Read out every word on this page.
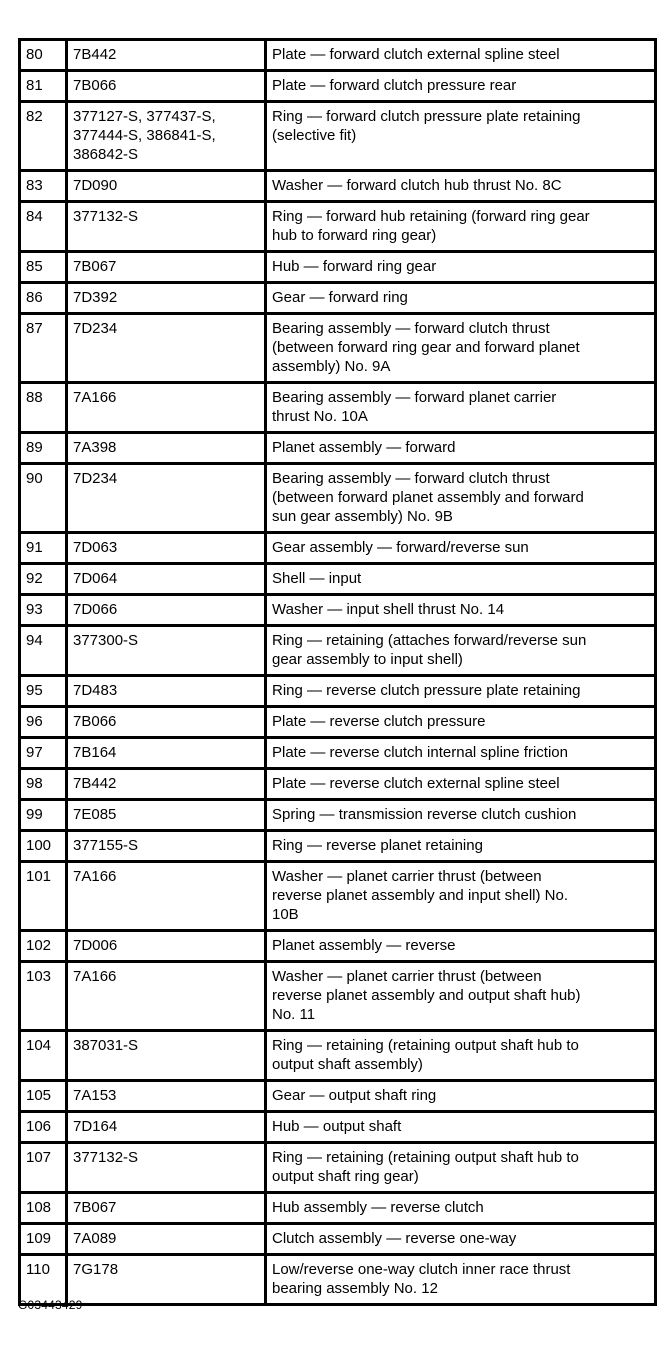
80	7B442	Plate — forward clutch external spline steel
81	7B066	Plate — forward clutch pressure rear
82	377127-S, 377437-S,
377444-S, 386841-S,
386842-S	Ring — forward clutch pressure plate retaining
(selective fit)
83	7D090	Washer — forward clutch hub thrust No. 8C
84	377132-S	Ring — forward hub retaining (forward ring gear
hub to forward ring gear)
85	7B067	Hub — forward ring gear
86	7D392	Gear — forward ring
87	7D234	Bearing assembly — forward clutch thrust
(between forward ring gear and forward planet
assembly) No. 9A
88	7A166	Bearing assembly — forward planet carrier
thrust No. 10A
89	7A398	Planet assembly — forward
90	7D234	Bearing assembly — forward clutch thrust
(between forward planet assembly and forward
sun gear assembly) No. 9B
91	7D063	Gear assembly — forward/reverse sun
92	7D064	Shell — input
93	7D066	Washer — input shell thrust No. 14
94	377300-S	Ring — retaining (attaches forward/reverse sun
gear assembly to input shell)
95	7D483	Ring — reverse clutch pressure plate retaining
96	7B066	Plate — reverse clutch pressure
97	7B164	Plate — reverse clutch internal spline friction
98	7B442	Plate — reverse clutch external spline steel
99	7E085	Spring — transmission reverse clutch cushion
100	377155-S	Ring — reverse planet retaining
101	7A166	Washer — planet carrier thrust (between
reverse planet assembly and input shell) No.
10B
102	7D006	Planet assembly — reverse
103	7A166	Washer — planet carrier thrust (between
reverse planet assembly and output shaft hub)
No. 11
104	387031-S	Ring — retaining (retaining output shaft hub to
output shaft assembly)
105	7A153	Gear — output shaft ring
106	7D164	Hub — output shaft
107	377132-S	Ring — retaining (retaining output shaft hub to
output shaft ring gear)
108	7B067	Hub assembly — reverse clutch
109	7A089	Clutch assembly — reverse one-way
110	7G178	Low/reverse one-way clutch inner race thrust
bearing assembly No. 12
G03443429
